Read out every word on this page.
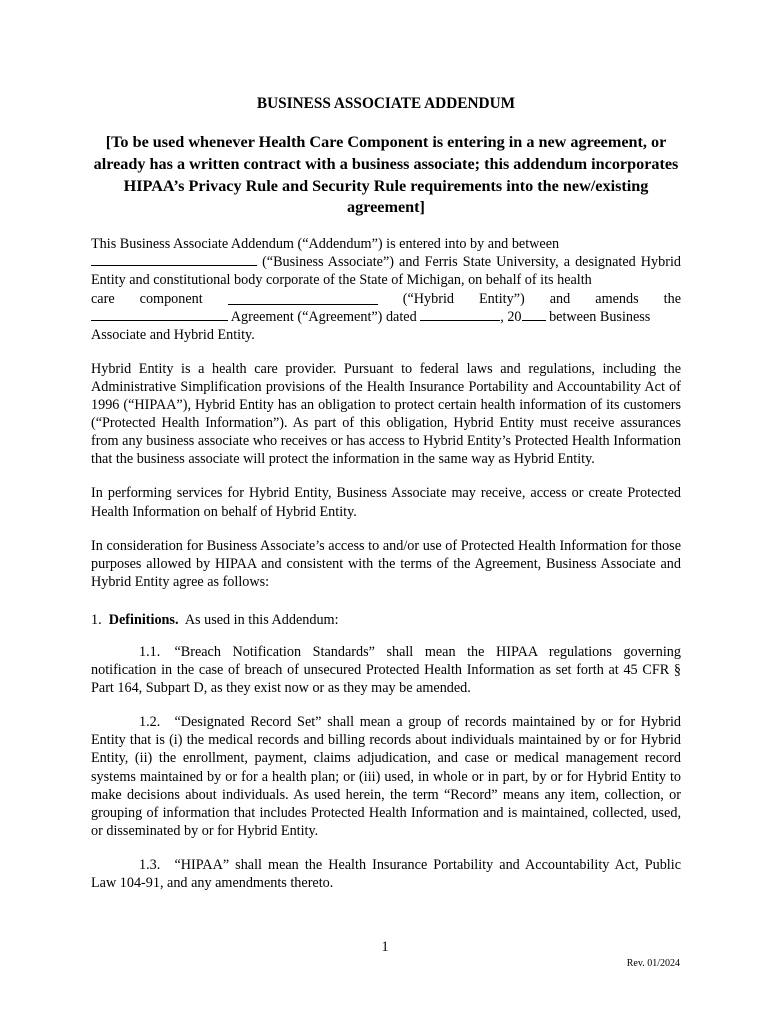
BUSINESS ASSOCIATE ADDENDUM
[To be used whenever Health Care Component is entering in a new agreement, or already has a written contract with a business associate; this addendum incorporates HIPAA’s Privacy Rule and Security Rule requirements into the new/existing agreement]
This Business Associate Addendum (“Addendum”) is entered into by and between
(“Business Associate”) and Ferris State University, a designated Hybrid Entity and constitutional body corporate of the State of Michigan, on behalf of its health
care component	(“Hybrid Entity”) and amends the
Agreement (“Agreement”) dated	, 20 between Business Associate and Hybrid Entity.

Hybrid Entity is a health care provider. Pursuant to federal laws and regulations, including the Administrative Simplification provisions of the Health Insurance Portability and Accountability Act of 1996 (“HIPAA”), Hybrid Entity has an obligation to protect certain health information of its customers (“Protected Health Information”). As part of this obligation, Hybrid Entity must receive assurances from any business associate who receives or has access to Hybrid Entity’s Protected Health Information that the business associate will protect the information in the same way as Hybrid Entity.

In performing services for Hybrid Entity, Business Associate may receive, access or create Protected Health Information on behalf of Hybrid Entity.

In consideration for Business Associate’s access to and/or use of Protected Health Information for those purposes allowed by HIPAA and consistent with the terms of the Agreement, Business Associate and Hybrid Entity agree as follows:

1. Definitions. As used in this Addendum:

1.1. “Breach Notification Standards” shall mean the HIPAA regulations governing notification in the case of breach of unsecured Protected Health Information as set forth at 45 CFR § Part 164, Subpart D, as they exist now or as they may be amended.

1.2. “Designated Record Set” shall mean a group of records maintained by or for Hybrid Entity that is (i) the medical records and billing records about individuals maintained by or for Hybrid Entity, (ii) the enrollment, payment, claims adjudication, and case or medical management record systems maintained by or for a health plan; or (iii) used, in whole or in part, by or for Hybrid Entity to make decisions about individuals. As used herein, the term “Record” means any item, collection, or grouping of information that includes Protected Health Information and is maintained, collected, used, or disseminated by or for Hybrid Entity.

1.3. “HIPAA” shall mean the Health Insurance Portability and Accountability Act, Public Law 104-91, and any amendments thereto.

1
Rev. 01/2024
